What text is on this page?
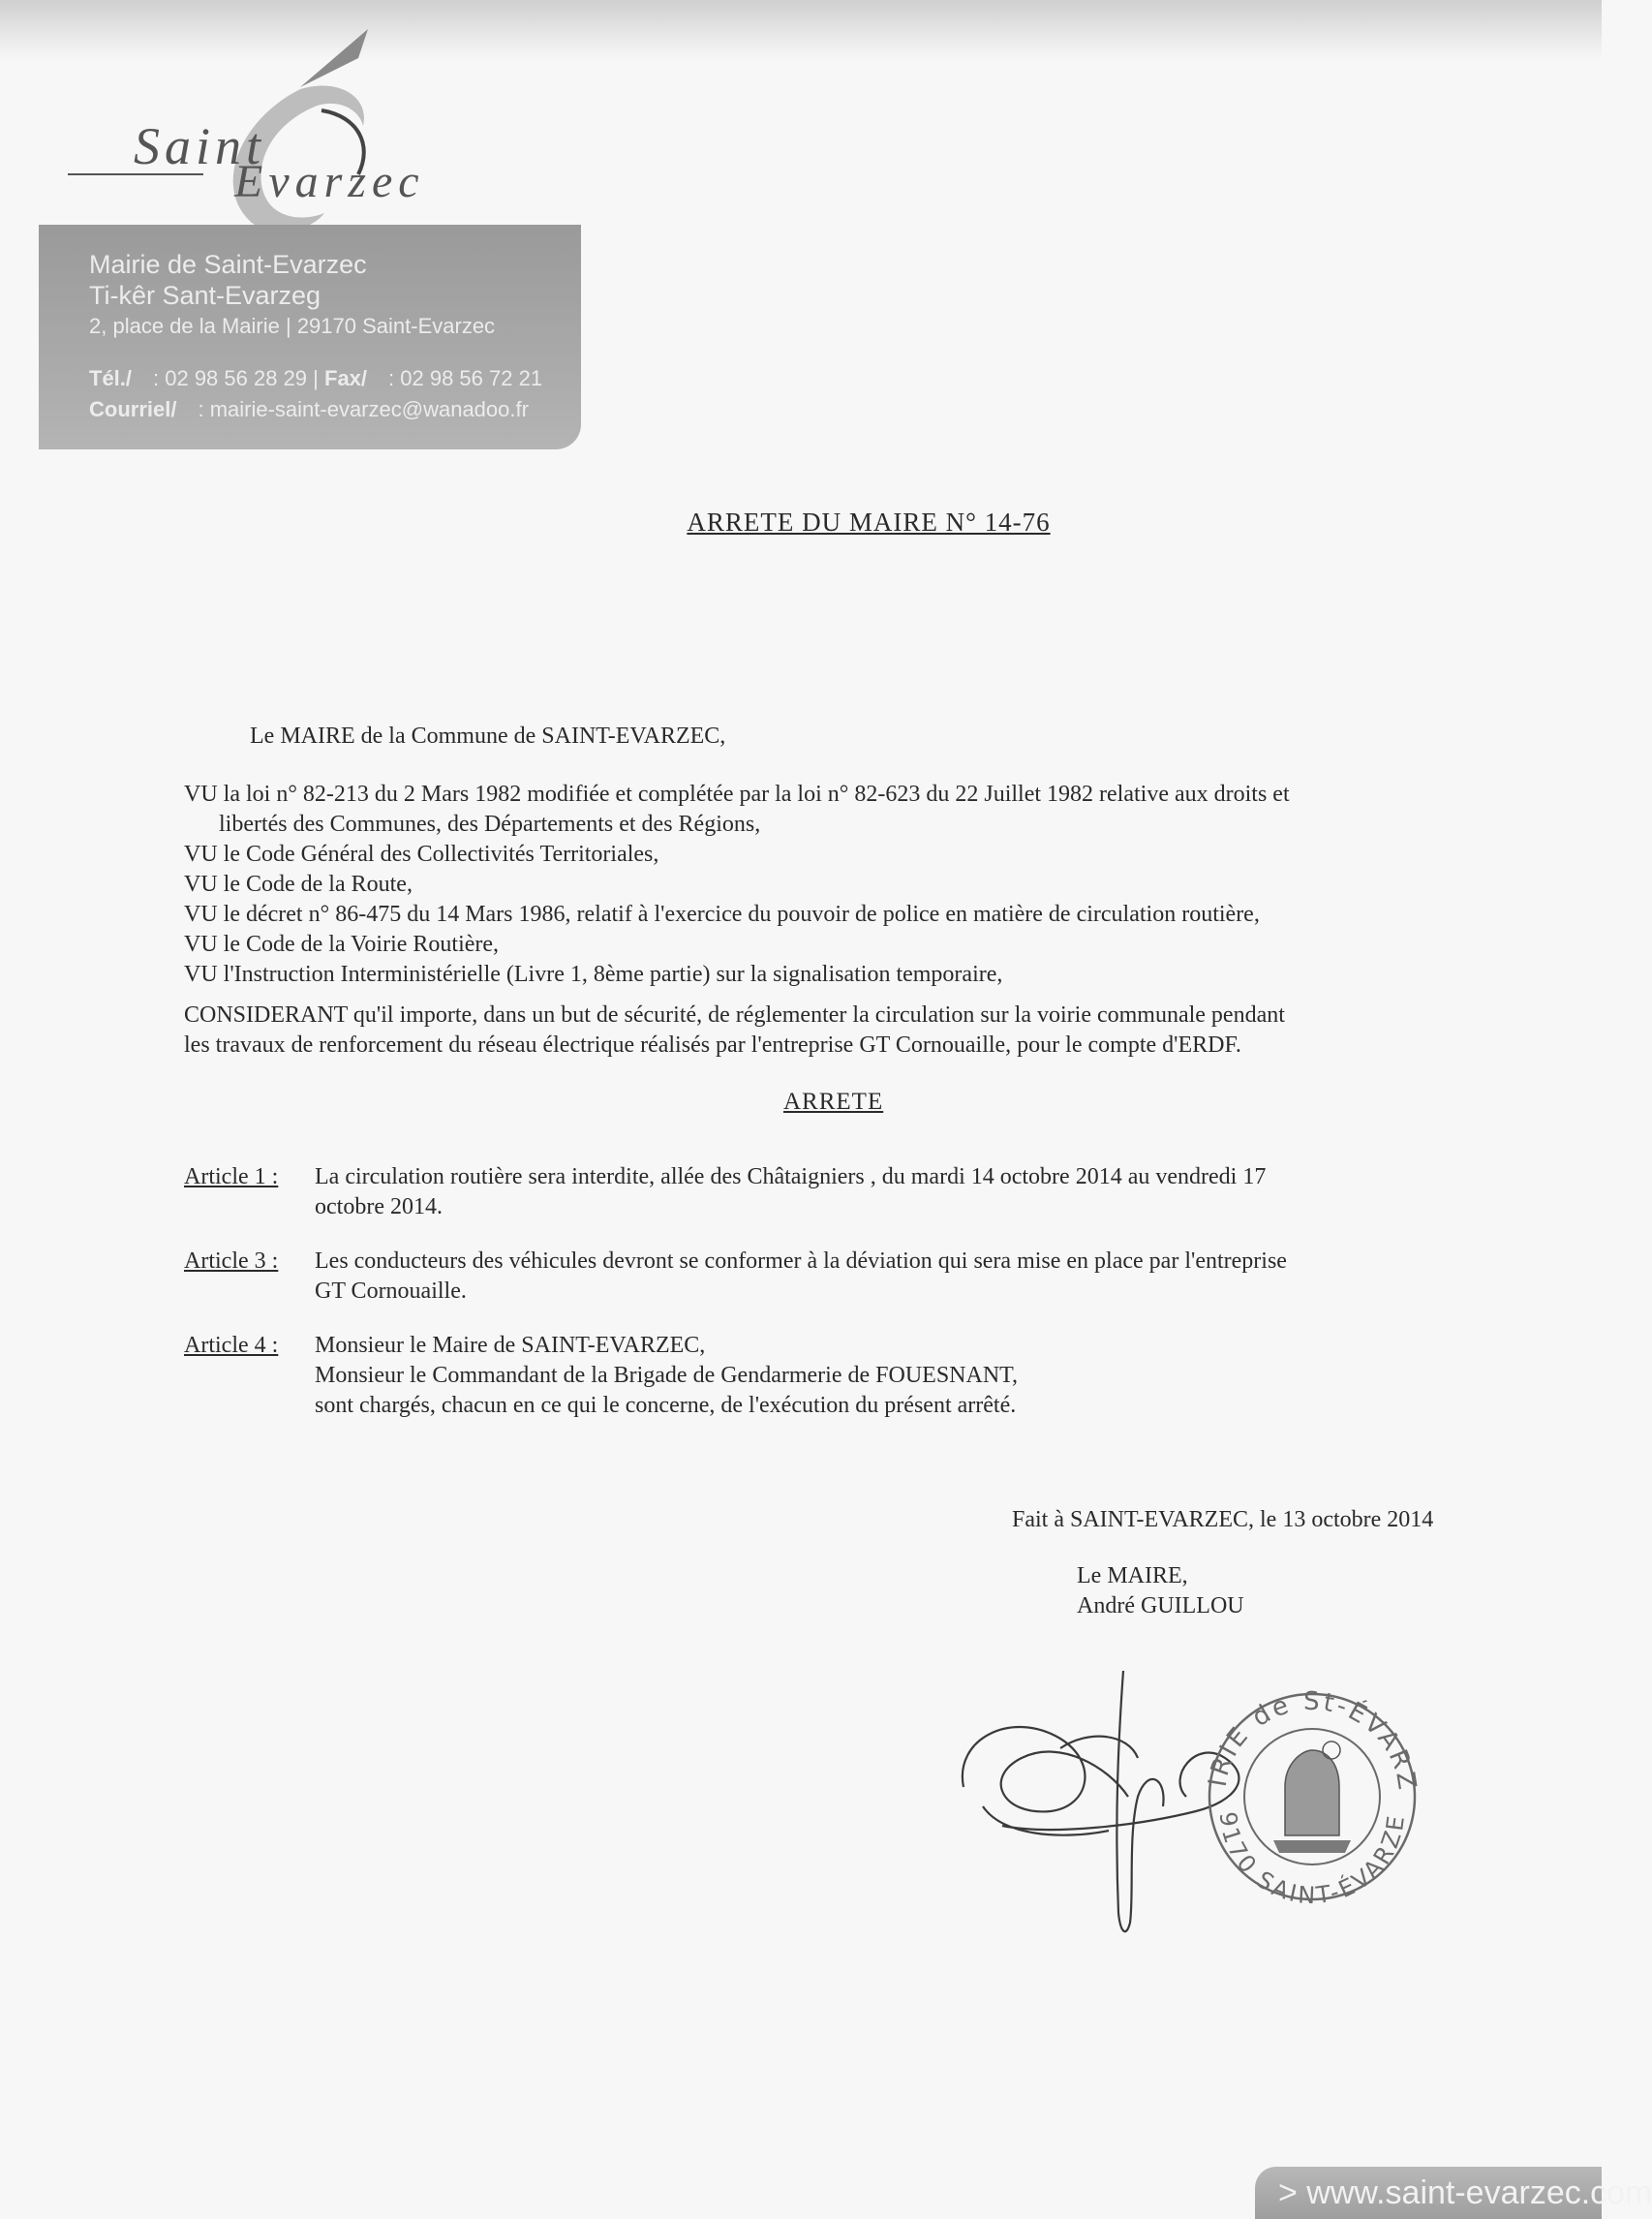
Saint
Evarzec
Mairie de Saint-Evarzec
Ti-kêr Sant-Evarzeg
2, place de la Mairie | 29170 Saint-Evarzec
Tél./ : 02 98 56 28 29 | Fax/ : 02 98 56 72 21
Courriel/ : mairie-saint-evarzec@wanadoo.fr
ARRETE DU MAIRE N° 14-76
Le MAIRE de la Commune de SAINT-EVARZEC,
VU la loi n° 82-213 du 2 Mars 1982 modifiée et complétée par la loi n° 82-623 du 22 Juillet 1982 relative aux droits et
libertés des Communes, des Départements et des Régions,
VU le Code Général des Collectivités Territoriales,
VU le Code de la Route,
VU le décret n° 86-475 du 14 Mars 1986, relatif à l'exercice du pouvoir de police en matière de circulation routière,
VU le Code de la Voirie Routière,
VU l'Instruction Interministérielle (Livre 1, 8ème partie) sur la signalisation temporaire,
CONSIDERANT qu'il importe, dans un but de sécurité, de réglementer la circulation sur la voirie communale pendant
les travaux de renforcement du réseau électrique réalisés par l'entreprise GT Cornouaille, pour le compte d'ERDF.
ARRETE
Article 1 : La circulation routière sera interdite, allée des Châtaigniers , du mardi 14 octobre 2014 au vendredi 17
octobre 2014.
Article 3 : Les conducteurs des véhicules devront se conformer à la déviation qui sera mise en place par l'entreprise
GT Cornouaille.
Article 4 : Monsieur le Maire de SAINT-EVARZEC,
Monsieur le Commandant de la Brigade de Gendarmerie de FOUESNANT,
sont chargés, chacun en ce qui le concerne, de l'exécution du présent arrêté.
Fait à SAINT-EVARZEC, le 13 octobre 2014
Le MAIRE,
André GUILLOU
IRIE de St-ÉVARZ
9170 SAINT-ÉVARZE
> www.saint-evarzec.com
